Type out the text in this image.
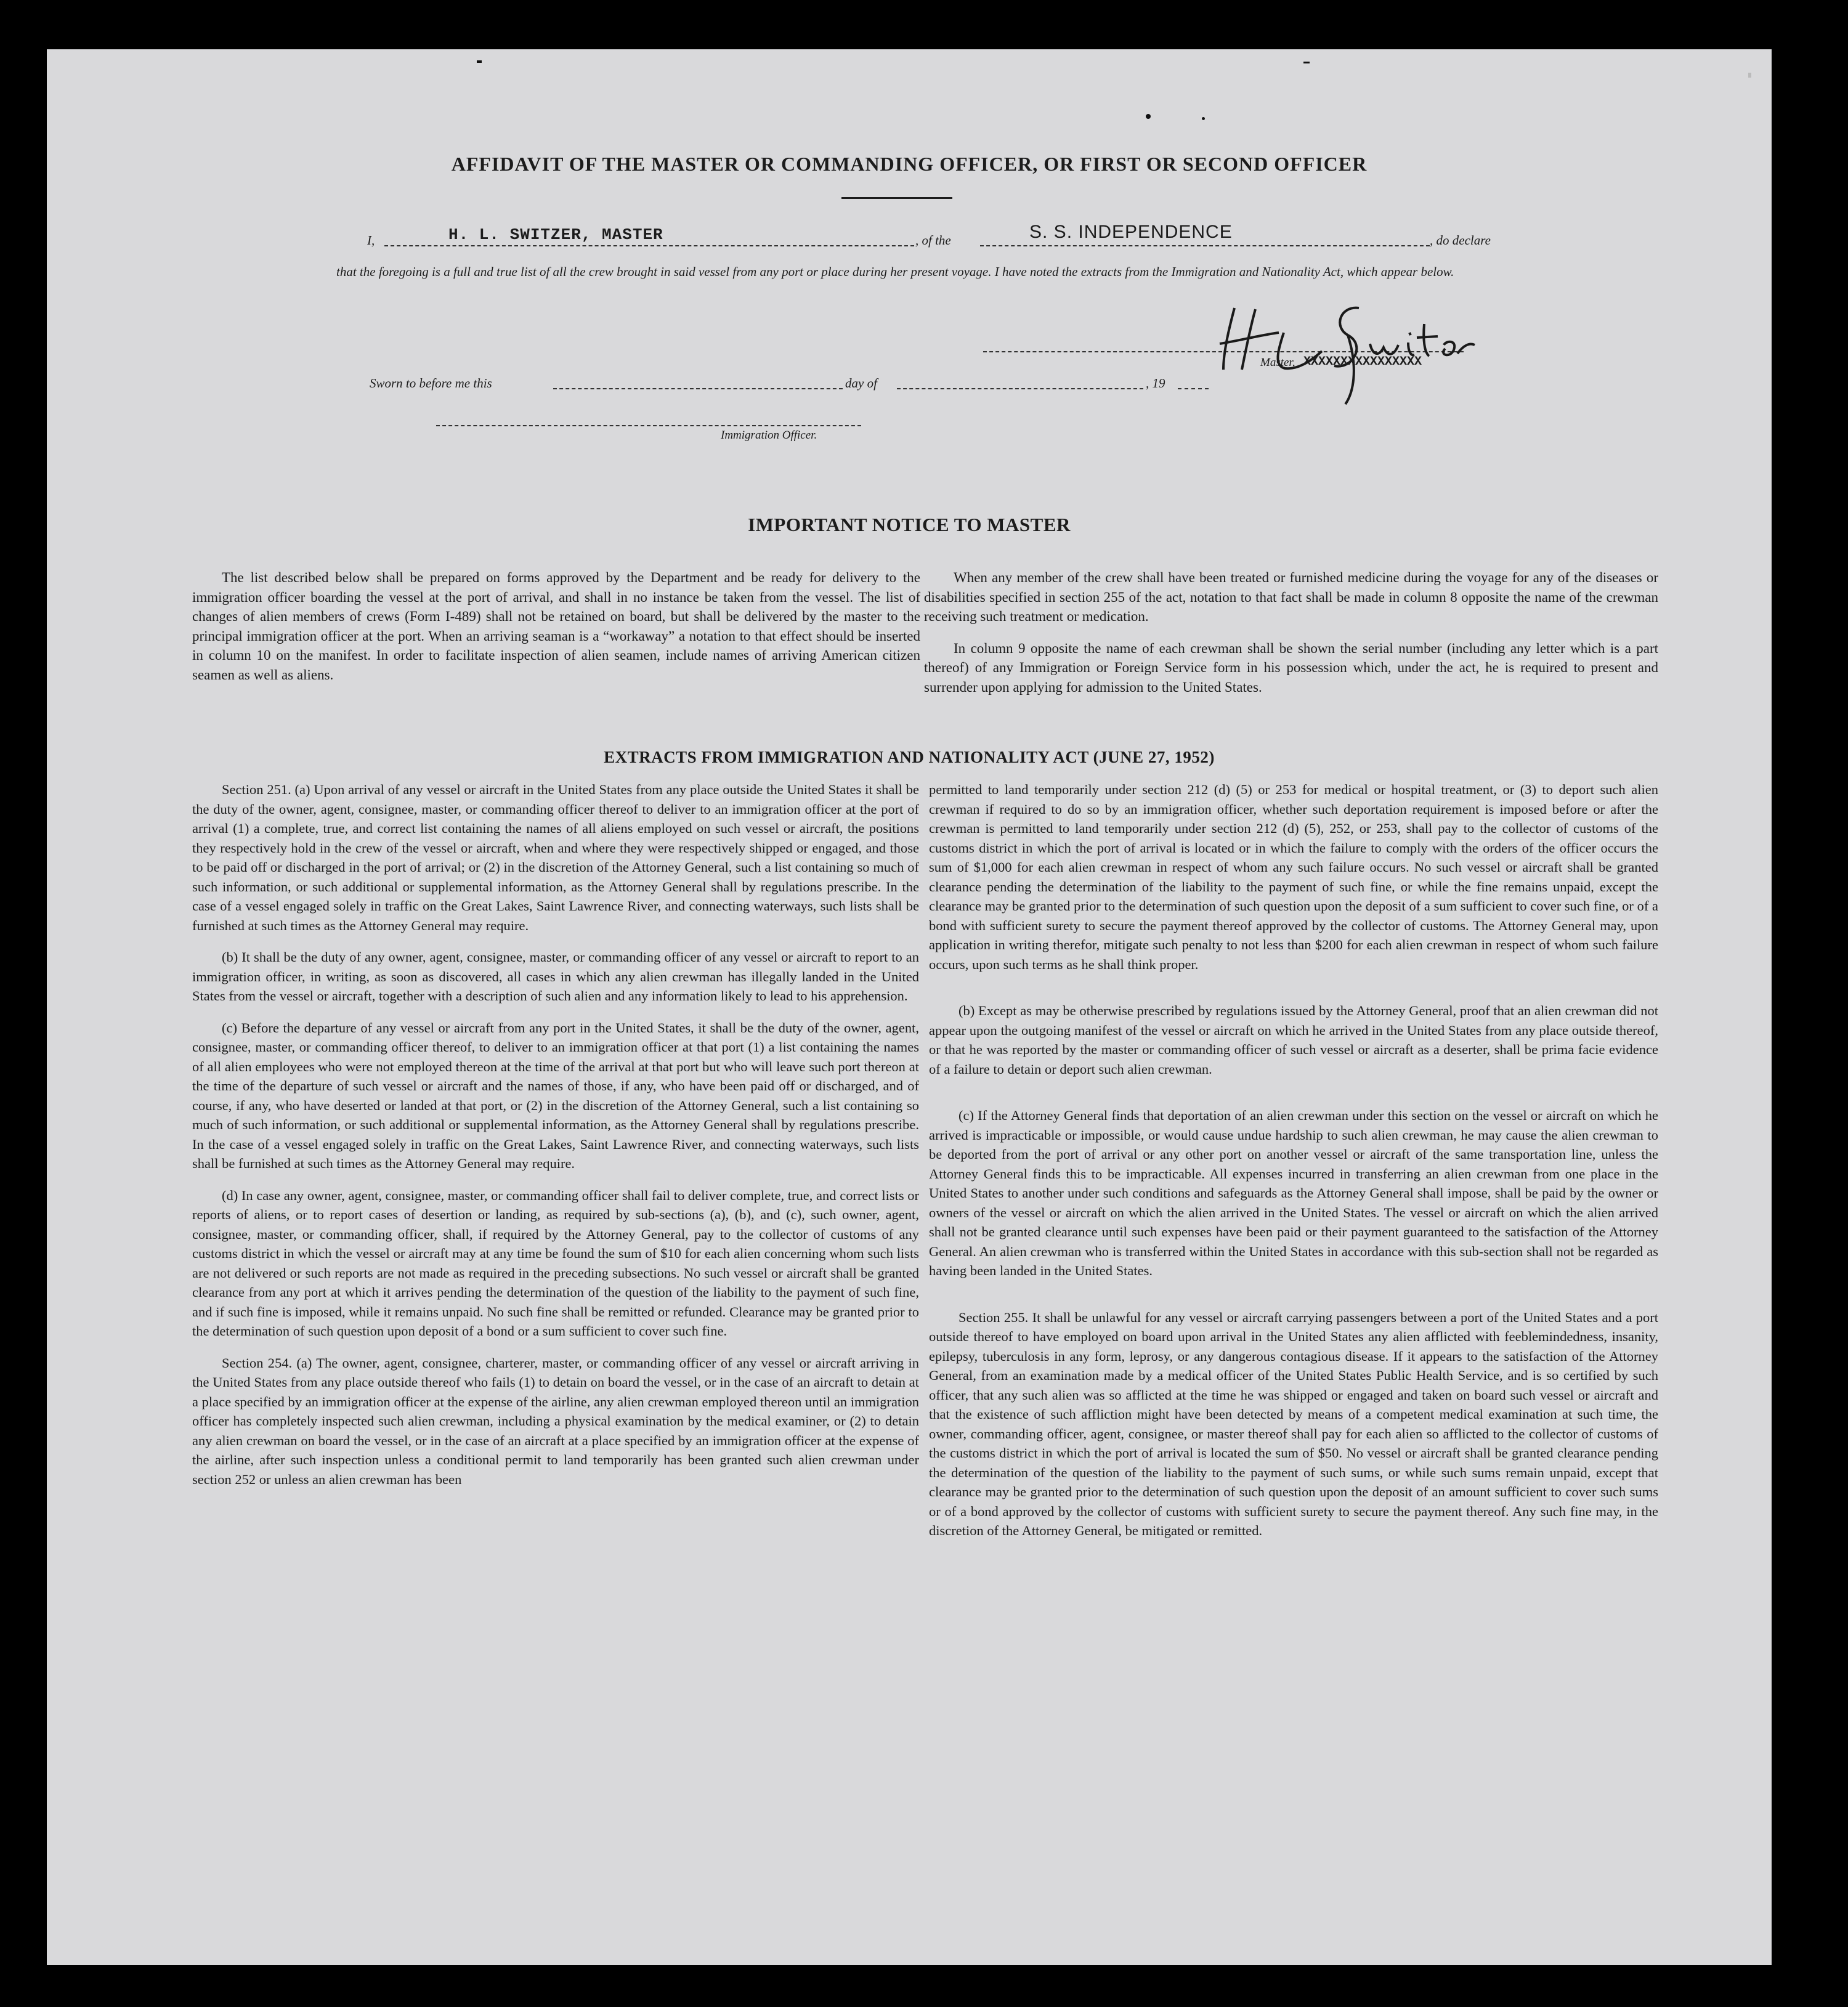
AFFIDAVIT OF THE MASTER OR COMMANDING OFFICER, OR FIRST OR SECOND OFFICER
I,	H. L. SWITZER, MASTER	, of the	S. S. INDEPENDENCE	, do declare

that the foregoing is a full and true list of all the crew brought in said vessel from any port or place during her present voyage. I have noted the extracts from the Immigration and Nationality Act, which appear below.

Master, XXXXXXXXXXXXXXXX
Sworn to before me this	day of	, 19
Immigration Officer.
IMPORTANT NOTICE TO MASTER

The list described below shall be prepared on forms approved by the Department and be ready for delivery to the immigration officer boarding the vessel at the port of arrival, and shall in no instance be taken from the vessel. The list of changes of alien members of crews (Form I-489) shall not be retained on board, but shall be delivered by the master to the principal immigration officer at the port. When an arriving seaman is a “workaway” a notation to that effect should be inserted in column 10 on the manifest. In order to facilitate inspection of alien seamen, include names of arriving American citizen seamen as well as aliens.

When any member of the crew shall have been treated or furnished medicine during the voyage for any of the diseases or disabilities specified in section 255 of the act, notation to that fact shall be made in column 8 opposite the name of the crewman receiving such treatment or medication.

In column 9 opposite the name of each crewman shall be shown the serial number (including any letter which is a part thereof) of any Immigration or Foreign Service form in his possession which, under the act, he is required to present and surrender upon applying for admission to the United States.

EXTRACTS FROM IMMIGRATION AND NATIONALITY ACT (JUNE 27, 1952)

Section 251. (a) Upon arrival of any vessel or aircraft in the United States from any place outside the United States it shall be the duty of the owner, agent, consignee, master, or commanding officer thereof to deliver to an immigration officer at the port of arrival (1) a complete, true, and correct list containing the names of all aliens employed on such vessel or aircraft, the positions they respectively hold in the crew of the vessel or aircraft, when and where they were respectively shipped or engaged, and those to be paid off or discharged in the port of arrival; or (2) in the discretion of the Attorney General, such a list containing so much of such information, or such additional or supplemental information, as the Attorney General shall by regulations prescribe. In the case of a vessel engaged solely in traffic on the Great Lakes, Saint Lawrence River, and connecting waterways, such lists shall be furnished at such times as the Attorney General may require.

(b) It shall be the duty of any owner, agent, consignee, master, or commanding officer of any vessel or aircraft to report to an immigration officer, in writing, as soon as discovered, all cases in which any alien crewman has illegally landed in the United States from the vessel or aircraft, together with a description of such alien and any information likely to lead to his apprehension.

(c) Before the departure of any vessel or aircraft from any port in the United States, it shall be the duty of the owner, agent, consignee, master, or commanding officer thereof, to deliver to an immigration officer at that port (1) a list containing the names of all alien employees who were not employed thereon at the time of the arrival at that port but who will leave such port thereon at the time of the departure of such vessel or aircraft and the names of those, if any, who have been paid off or discharged, and of course, if any, who have deserted or landed at that port, or (2) in the discretion of the Attorney General, such a list containing so much of such information, or such additional or supplemental information, as the Attorney General shall by regulations prescribe. In the case of a vessel engaged solely in traffic on the Great Lakes, Saint Lawrence River, and connecting waterways, such lists shall be furnished at such times as the Attorney General may require.

(d) In case any owner, agent, consignee, master, or commanding officer shall fail to deliver complete, true, and correct lists or reports of aliens, or to report cases of desertion or landing, as required by sub-sections (a), (b), and (c), such owner, agent, consignee, master, or commanding officer, shall, if required by the Attorney General, pay to the collector of customs of any customs district in which the vessel or aircraft may at any time be found the sum of $10 for each alien concerning whom such lists are not delivered or such reports are not made as required in the preceding subsections. No such vessel or aircraft shall be granted clearance from any port at which it arrives pending the determination of the question of the liability to the payment of such fine, and if such fine is imposed, while it remains unpaid. No such fine shall be remitted or refunded. Clearance may be granted prior to the determination of such question upon deposit of a bond or a sum sufficient to cover such fine.

Section 254. (a) The owner, agent, consignee, charterer, master, or commanding officer of any vessel or aircraft arriving in the United States from any place outside thereof who fails (1) to detain on board the vessel, or in the case of an aircraft to detain at a place specified by an immigration officer at the expense of the airline, any alien crewman employed thereon until an immigration officer has completely inspected such alien crewman, including a physical examination by the medical examiner, or (2) to detain any alien crewman on board the vessel, or in the case of an aircraft at a place specified by an immigration officer at the expense of the airline, after such inspection unless a conditional permit to land temporarily has been granted such alien crewman under section 252 or unless an alien crewman has been

permitted to land temporarily under section 212 (d) (5) or 253 for medical or hospital treatment, or (3) to deport such alien crewman if required to do so by an immigration officer, whether such deportation requirement is imposed before or after the crewman is permitted to land temporarily under section 212 (d) (5), 252, or 253, shall pay to the collector of customs of the customs district in which the port of arrival is located or in which the failure to comply with the orders of the officer occurs the sum of $1,000 for each alien crewman in respect of whom any such failure occurs. No such vessel or aircraft shall be granted clearance pending the determination of the liability to the payment of such fine, or while the fine remains unpaid, except the clearance may be granted prior to the determination of such question upon the deposit of a sum sufficient to cover such fine, or of a bond with sufficient surety to secure the payment thereof approved by the collector of customs. The Attorney General may, upon application in writing therefor, mitigate such penalty to not less than $200 for each alien crewman in respect of whom such failure occurs, upon such terms as he shall think proper.

(b) Except as may be otherwise prescribed by regulations issued by the Attorney General, proof that an alien crewman did not appear upon the outgoing manifest of the vessel or aircraft on which he arrived in the United States from any place outside thereof, or that he was reported by the master or commanding officer of such vessel or aircraft as a deserter, shall be prima facie evidence of a failure to detain or deport such alien crewman.

(c) If the Attorney General finds that deportation of an alien crewman under this section on the vessel or aircraft on which he arrived is impracticable or impossible, or would cause undue hardship to such alien crewman, he may cause the alien crewman to be deported from the port of arrival or any other port on another vessel or aircraft of the same transportation line, unless the Attorney General finds this to be impracticable. All expenses incurred in transferring an alien crewman from one place in the United States to another under such conditions and safeguards as the Attorney General shall impose, shall be paid by the owner or owners of the vessel or aircraft on which the alien arrived in the United States. The vessel or aircraft on which the alien arrived shall not be granted clearance until such expenses have been paid or their payment guaranteed to the satisfaction of the Attorney General. An alien crewman who is transferred within the United States in accordance with this sub-section shall not be regarded as having been landed in the United States.

Section 255. It shall be unlawful for any vessel or aircraft carrying passengers between a port of the United States and a port outside thereof to have employed on board upon arrival in the United States any alien afflicted with feeblemindedness, insanity, epilepsy, tuberculosis in any form, leprosy, or any dangerous contagious disease. If it appears to the satisfaction of the Attorney General, from an examination made by a medical officer of the United States Public Health Service, and is so certified by such officer, that any such alien was so afflicted at the time he was shipped or engaged and taken on board such vessel or aircraft and that the existence of such affliction might have been detected by means of a competent medical examination at such time, the owner, commanding officer, agent, consignee, or master thereof shall pay for each alien so afflicted to the collector of customs of the customs district in which the port of arrival is located the sum of $50. No vessel or aircraft shall be granted clearance pending the determination of the question of the liability to the payment of such sums, or while such sums remain unpaid, except that clearance may be granted prior to the determination of such question upon the deposit of an amount sufficient to cover such sums or of a bond approved by the collector of customs with sufficient surety to secure the payment thereof. Any such fine may, in the discretion of the Attorney General, be mitigated or remitted.
